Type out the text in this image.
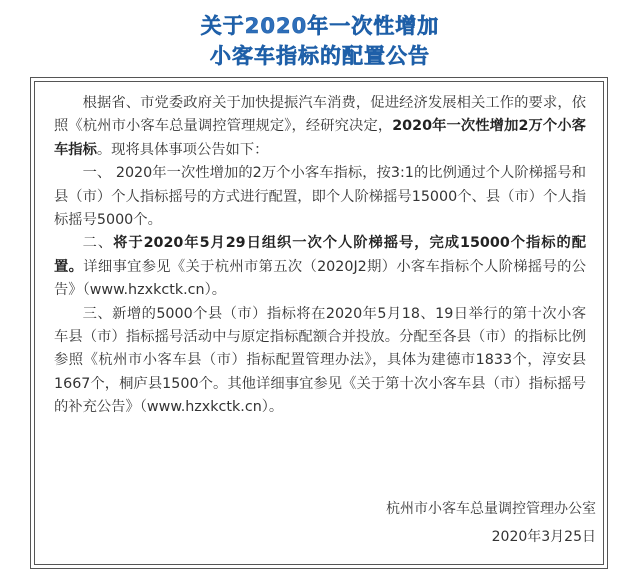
关于2020年一次性增加
小客车指标的配置公告

根据省、市党委政府关于加快提振汽车消费，促进经济发展相关工作的要求，依照《杭州市小客车总量调控管理规定》，经研究决定，2020年一次性增加2万个小客车指标。现将具体事项公告如下：

一、 2020年一次性增加的2万个小客车指标，按3:1的比例通过个人阶梯摇号和县（市）个人指标摇号的方式进行配置，即个人阶梯摇号15000个、县（市）个人指标摇号5000个。

二、将于2020年5月29日组织一次个人阶梯摇号，完成15000个指标的配置。详细事宜参见《关于杭州市第五次（2020J2期）小客车指标个人阶梯摇号的公告》（www.hzxkctk.cn）。

三、新增的5000个县（市）指标将在2020年5月18、19日举行的第十次小客车县（市）指标摇号活动中与原定指标配额合并投放。分配至各县（市）的指标比例参照《杭州市小客车县（市）指标配置管理办法》，具体为建德市1833个，淳安县1667个，桐庐县1500个。其他详细事宜参见《关于第十次小客车县（市）指标摇号的补充公告》（www.hzxkctk.cn）。

杭州市小客车总量调控管理办公室
2020年3月25日
